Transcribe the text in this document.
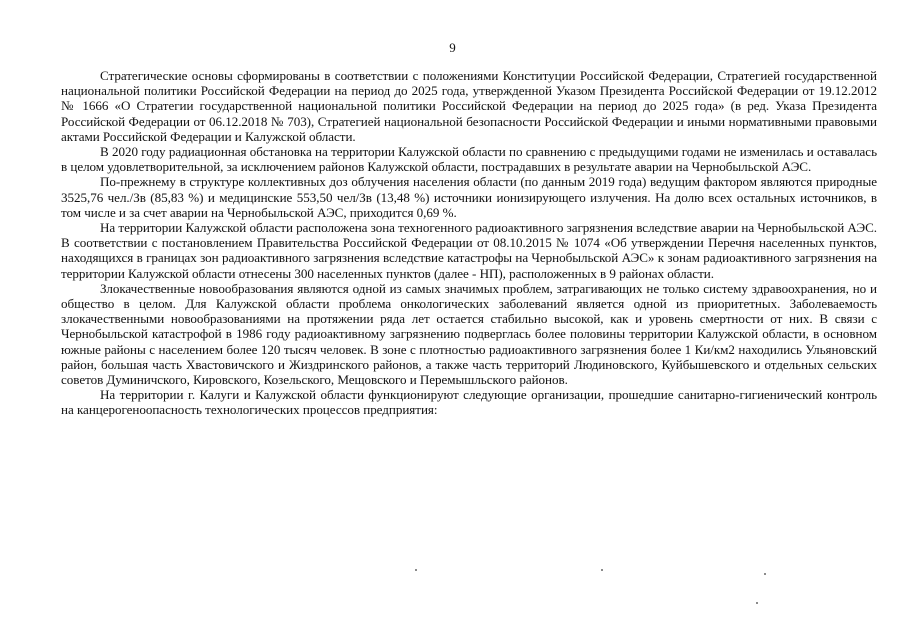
9

Стратегические основы сформированы в соответствии с положениями Конституции Российской Федерации, Стратегией государственной национальной политики Российской Федерации на период до 2025 года, утвержденной Указом Президента Российской Федерации от 19.12.2012 № 1666 «О Стратегии государственной национальной политики Российской Федерации на период до 2025 года» (в ред. Указа Президента Российской Федерации от 06.12.2018 № 703), Стратегией национальной безопасности Российской Федерации и иными нормативными правовыми актами Российской Федерации и Калужской области.

В 2020 году радиационная обстановка на территории Калужской области по сравнению с предыдущими годами не изменилась и оставалась в целом удовлетворительной, за исключением районов Калужской области, пострадавших в результате аварии на Чернобыльской АЭС.

По-прежнему в структуре коллективных доз облучения населения области (по данным 2019 года) ведущим фактором являются природные 3525,76 чел./Зв (85,83 %) и медицинские 553,50 чел/Зв (13,48 %) источники ионизирующего излучения. На долю всех остальных источников, в том числе и за счет аварии на Чернобыльской АЭС, приходится 0,69 %.

На территории Калужской области расположена зона техногенного радиоактивного загрязнения вследствие аварии на Чернобыльской АЭС. В соответствии с постановлением Правительства Российской Федерации от 08.10.2015 № 1074 «Об утверждении Перечня населенных пунктов, находящихся в границах зон радиоактивного загрязнения вследствие катастрофы на Чернобыльской АЭС» к зонам радиоактивного загрязнения на территории Калужской области отнесены 300 населенных пунктов (далее - НП), расположенных в 9 районах области.

Злокачественные новообразования являются одной из самых значимых проблем, затрагивающих не только систему здравоохранения, но и общество в целом. Для Калужской области проблема онкологических заболеваний является одной из приоритетных. Заболеваемость злокачественными новообразованиями на протяжении ряда лет остается стабильно высокой, как и уровень смертности от них. В связи с Чернобыльской катастрофой в 1986 году радиоактивному загрязнению подверглась более половины территории Калужской области, в основном южные районы с населением более 120 тысяч человек. В зоне с плотностью радиоактивного загрязнения более 1 Ки/км2 находились Ульяновский район, большая часть Хвастовичского и Жиздринского районов, а также часть территорий Людиновского, Куйбышевского и отдельных сельских советов Думиничского, Кировского, Козельского, Мещовского и Перемышльского районов.

На территории г. Калуги и Калужской области функционируют следующие организации, прошедшие санитарно-гигиенический контроль на канцерогеноопасность технологических процессов предприятия:
